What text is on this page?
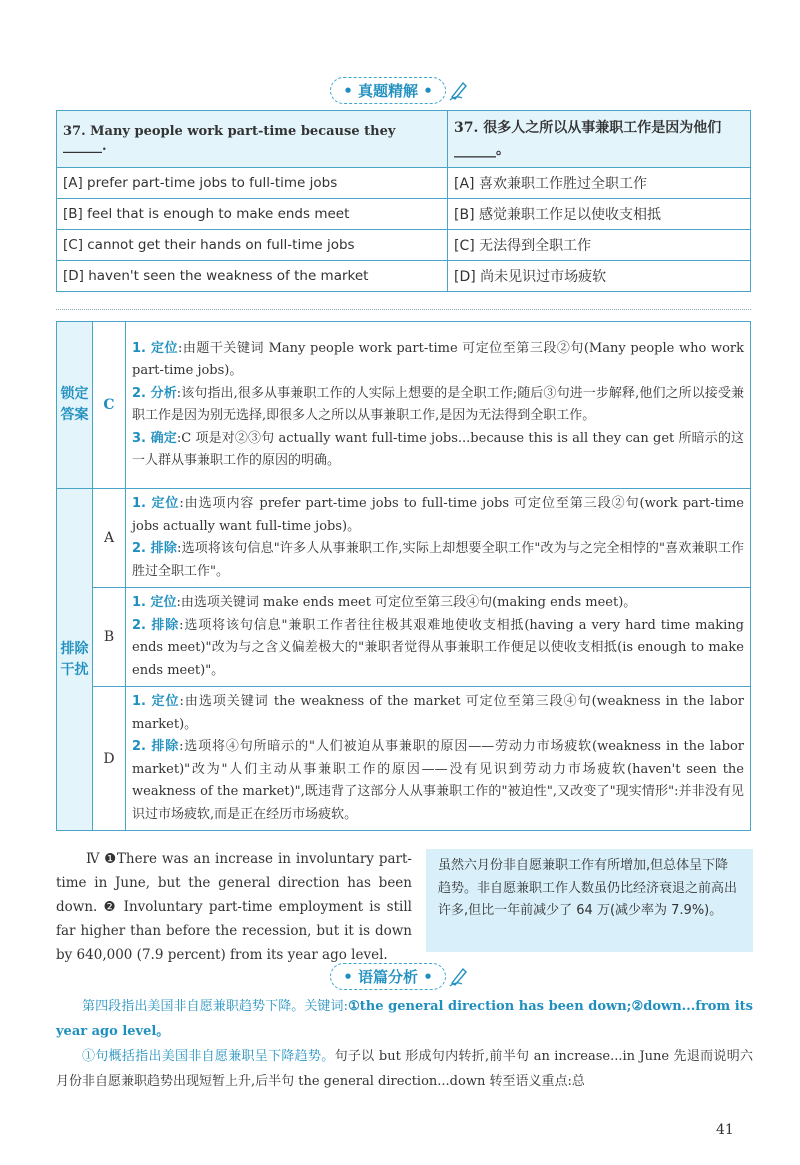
• 真题精解 •
37. Many people work part-time because they ______.	37. 很多人之所以从事兼职工作是因为他们______。
[A] prefer part-time jobs to full-time jobs	[A] 喜欢兼职工作胜过全职工作
[B] feel that is enough to make ends meet	[B] 感觉兼职工作足以使收支相抵
[C] cannot get their hands on full-time jobs	[C] 无法得到全职工作
[D] haven't seen the weakness of the market	[D] 尚未见识过市场疲软
锁定答案	C	1. 定位:由题干关键词 Many people work part-time 可定位至第三段②句(Many people who work part-time jobs)。

2. 分析:该句指出,很多从事兼职工作的人实际上想要的是全职工作;随后③句进一步解释,他们之所以接受兼职工作是因为别无选择,即很多人之所以从事兼职工作,是因为无法得到全职工作。

3. 确定:C 项是对②③句 actually want full-time jobs...because this is all they can get 所暗示的这一人群从事兼职工作的原因的明确。

排除干扰	A	1. 定位:由选项内容 prefer part-time jobs to full-time jobs 可定位至第三段②句(work part-time jobs actually want full-time jobs)。

2. 排除:选项将该句信息"许多人从事兼职工作,实际上却想要全职工作"改为与之完全相悖的"喜欢兼职工作胜过全职工作"。

	B	1. 定位:由选项关键词 make ends meet 可定位至第三段④句(making ends meet)。

2. 排除:选项将该句信息"兼职工作者往往极其艰难地使收支相抵(having a very hard time making ends meet)"改为与之含义偏差极大的"兼职者觉得从事兼职工作便足以使收支相抵(is enough to make ends meet)"。

	D	1. 定位:由选项关键词 the weakness of the market 可定位至第三段④句(weakness in the labor market)。

2. 排除:选项将④句所暗示的"人们被迫从事兼职的原因——劳动力市场疲软(weakness in the labor market)"改为"人们主动从事兼职工作的原因——没有见识到劳动力市场疲软(haven't seen the weakness of the market)",既违背了这部分人从事兼职工作的"被迫性",又改变了"现实情形":并非没有见识过市场疲软,而是正在经历市场疲软。

Ⅳ ❶There was an increase in involuntary part-time in June, but the general direction has been down. ❷ Involuntary part-time employment is still far higher than before the recession, but it is down by 640,000 (7.9 percent) from its year ago level.
虽然六月份非自愿兼职工作有所增加,但总体呈下降趋势。非自愿兼职工作人数虽仍比经济衰退之前高出许多,但比一年前减少了 64 万(减少率为 7.9%)。
• 语篇分析 •

第四段指出美国非自愿兼职趋势下降。关键词:①the general direction has been down;②down...from its year ago level。

①句概括指出美国非自愿兼职呈下降趋势。句子以 but 形成句内转折,前半句 an increase...in June 先退而说明六月份非自愿兼职趋势出现短暂上升,后半句 the general direction...down 转至语义重点:总

41
